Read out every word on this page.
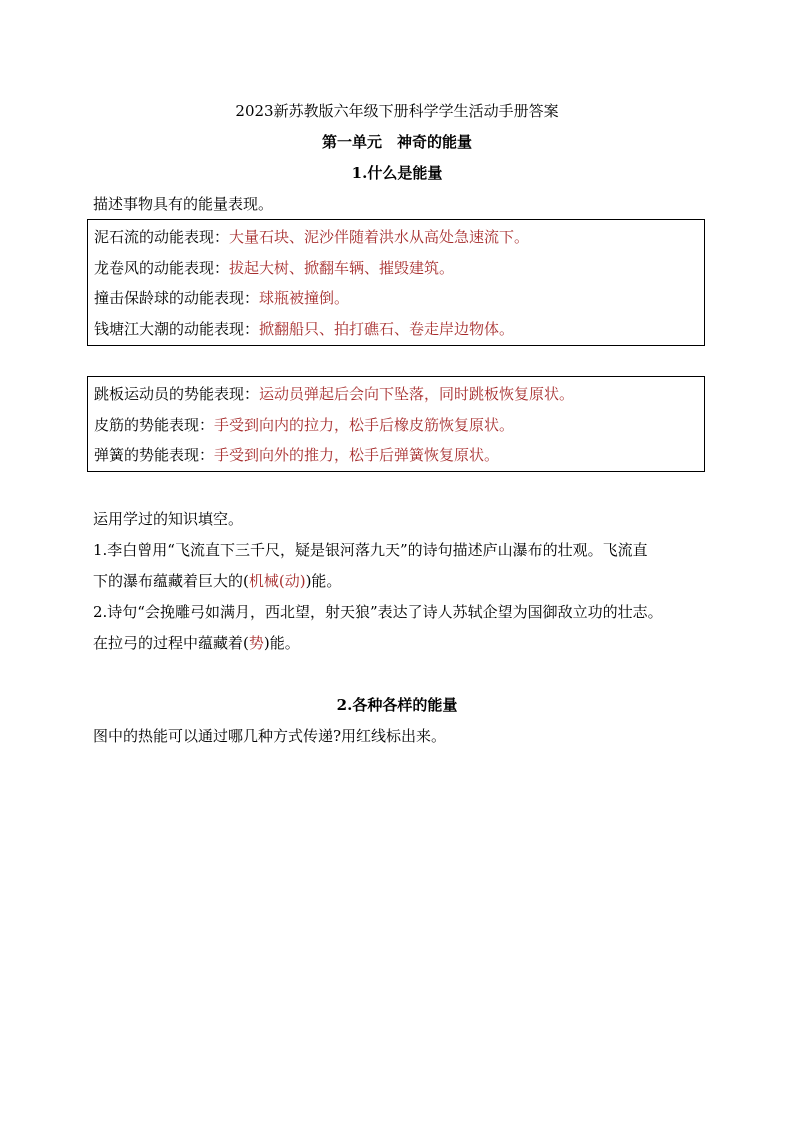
2023新苏教版六年级下册科学学生活动手册答案
第一单元　神奇的能量
1.什么是能量
描述事物具有的能量表现。
泥石流的动能表现：大量石块、泥沙伴随着洪水从高处急速流下。
龙卷风的动能表现：拔起大树、掀翻车辆、摧毁建筑。
撞击保龄球的动能表现：球瓶被撞倒。
钱塘江大潮的动能表现：掀翻船只、拍打礁石、卷走岸边物体。
跳板运动员的势能表现：运动员弹起后会向下坠落，同时跳板恢复原状。
皮筋的势能表现：手受到向内的拉力，松手后橡皮筋恢复原状。
弹簧的势能表现：手受到向外的推力，松手后弹簧恢复原状。
运用学过的知识填空。
1.李白曾用“飞流直下三千尺，疑是银河落九天”的诗句描述庐山瀑布的壮观。飞流直
下的瀑布蕴藏着巨大的(机械(动))能。
2.诗句“会挽雕弓如满月，西北望，射天狼”表达了诗人苏轼企望为国御敌立功的壮志。
在拉弓的过程中蕴藏着(势)能。
2.各种各样的能量
图中的热能可以通过哪几种方式传递?用红线标出来。
